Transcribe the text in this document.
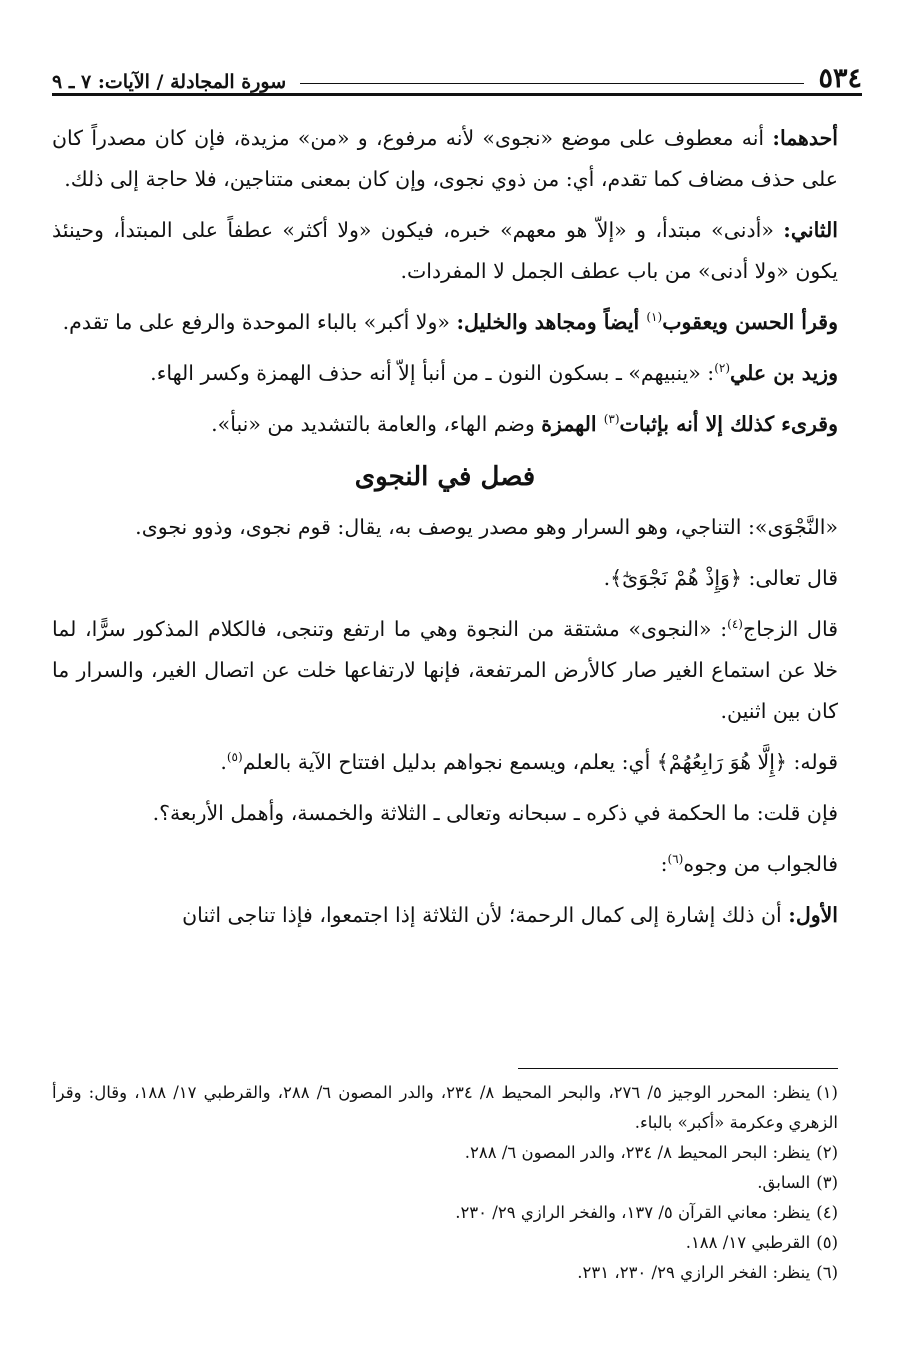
٥٣٤
سورة المجادلة / الآيات: ٧ ـ ٩

أحدهما: أنه معطوف على موضع «نجوى» لأنه مرفوع، و «من» مزيدة، فإن كان مصدراً كان على حذف مضاف كما تقدم، أي: من ذوي نجوى، وإن كان بمعنى متناجين، فلا حاجة إلى ذلك.

الثاني: «أدنى» مبتدأ، و «إلاّ هو معهم» خبره، فيكون «ولا أكثر» عطفاً على المبتدأ، وحينئذ يكون «ولا أدنى» من باب عطف الجمل لا المفردات.

وقرأ الحسن ويعقوب$^{(١)}$ أيضاً ومجاهد والخليل: «ولا أكبر» بالباء الموحدة والرفع على ما تقدم.

وزيد بن علي$^{(٢)}$: «ينبيهم» ـ بسكون النون ـ من أنبأ إلاّ أنه حذف الهمزة وكسر الهاء.

وقرىء كذلك إلا أنه بإثبات$^{(٣)}$ الهمزة وضم الهاء، والعامة بالتشديد من «نبأ».

فصل في النجوى

«النَّجْوَى»: التناجي، وهو السرار وهو مصدر يوصف به، يقال: قوم نجوى، وذوو نجوى.

قال تعالى: ﴿وَإِذْ هُمْ نَجْوَىٰٓ﴾.

قال الزجاج$^{(٤)}$: «النجوى» مشتقة من النجوة وهي ما ارتفع وتنجى، فالكلام المذكور سرًّا، لما خلا عن استماع الغير صار كالأرض المرتفعة، فإنها لارتفاعها خلت عن اتصال الغير، والسرار ما كان بين اثنين.

قوله: ﴿إِلَّا هُوَ رَابِعُهُمْ﴾ أي: يعلم، ويسمع نجواهم بدليل افتتاح الآية بالعلم$^{(٥)}$.

فإن قلت: ما الحكمة في ذكره ـ سبحانه وتعالى ـ الثلاثة والخمسة، وأهمل الأربعة؟.

فالجواب من وجوه$^{(٦)}$:

الأول: أن ذلك إشارة إلى كمال الرحمة؛ لأن الثلاثة إذا اجتمعوا، فإذا تناجى اثنان

(١)ينظر: المحرر الوجيز ٥/ ٢٧٦، والبحر المحيط ٨/ ٢٣٤، والدر المصون ٦/ ٢٨٨، والقرطبي ١٧/ ١٨٨، وقال: وقرأ الزهري وعكرمة «أكبر» بالباء.

(٢)ينظر: البحر المحيط ٨/ ٢٣٤، والدر المصون ٦/ ٢٨٨.

(٣)السابق.

(٤)ينظر: معاني القرآن ٥/ ١٣٧، والفخر الرازي ٢٩/ ٢٣٠.

(٥)القرطبي ١٧/ ١٨٨.

(٦)ينظر: الفخر الرازي ٢٩/ ٢٣٠، ٢٣١.
